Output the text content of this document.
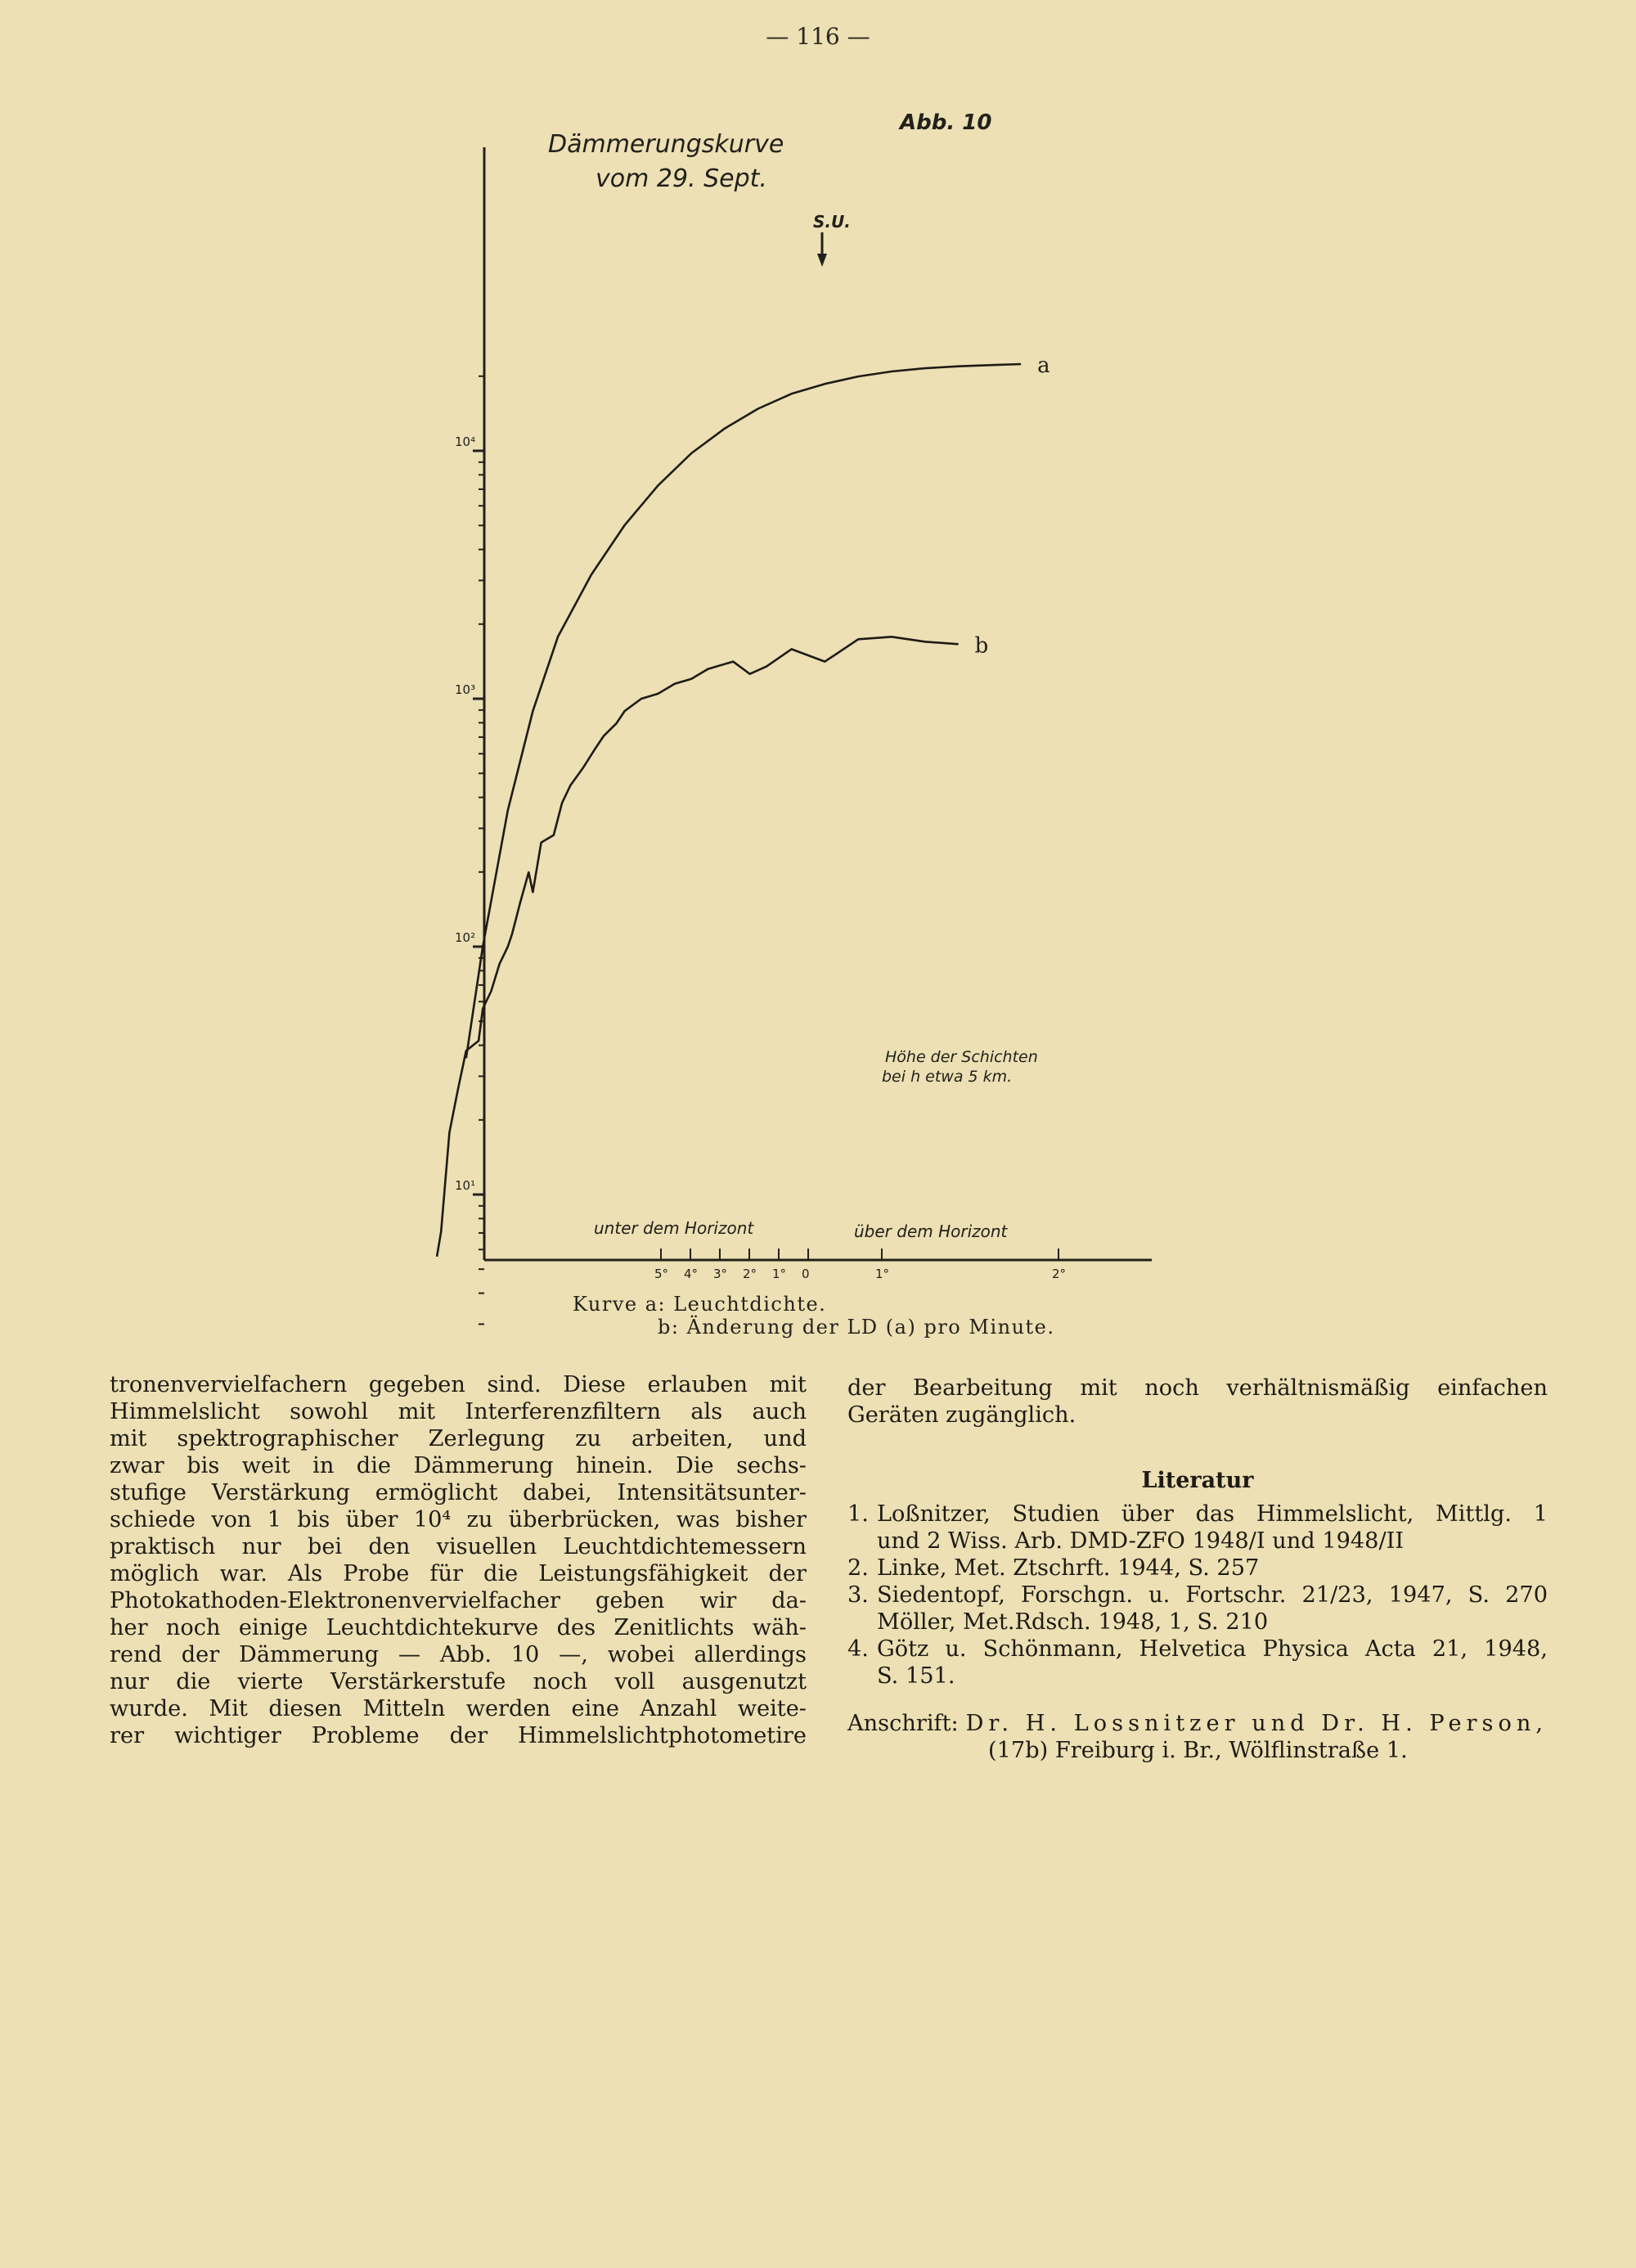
— 116 —
10⁴
10³
10²
10¹
5° 4° 3° 2° 1° 0	1°	2°
a
b
Dämmerungskurve
vom 29. Sept.
Abb. 10
S.U.
Höhe der Schichten
bei h etwa 5 km.
unter dem Horizont	über dem Horizont
Kurve a: Leuchtdichte.
b: Änderung der LD (a) pro Minute.
tronenvervielfachern gegeben sind. Diese erlauben mit
Himmelslicht sowohl mit Interferenzfiltern als auch
mit spektrographischer Zerlegung zu arbeiten, und
zwar bis weit in die Dämmerung hinein. Die sechs-
stufige Verstärkung ermöglicht dabei, Intensitätsunter-
schiede von 1 bis über 10⁴ zu überbrücken, was bisher
praktisch nur bei den visuellen Leuchtdichtemessern
möglich war. Als Probe für die Leistungsfähigkeit der
Photokathoden-Elektronenvervielfacher geben wir da-
her noch einige Leuchtdichtekurve des Zenitlichts wäh-
rend der Dämmerung — Abb. 10 —, wobei allerdings
nur die vierte Verstärkerstufe noch voll ausgenutzt
wurde. Mit diesen Mitteln werden eine Anzahl weite-
rer wichtiger Probleme der Himmelslichtphotometire
der Bearbeitung mit noch verhältnismäßig einfachen
Geräten zugänglich.
Literatur
1. Loßnitzer, Studien über das Himmelslicht, Mittlg. 1
und 2 Wiss. Arb. DMD-ZFO 1948/I und 1948/II
2. Linke, Met. Ztschrft. 1944, S. 257
3. Siedentopf, Forschgn. u. Fortschr. 21/23, 1947, S. 270
Möller, Met.Rdsch. 1948, 1, S. 210
4. Götz u. Schönmann, Helvetica Physica Acta 21, 1948,
S. 151.
Anschrift: Dr. H. Lossnitzer und Dr. H. Person,
(17b) Freiburg i. Br., Wölflinstraße 1.
